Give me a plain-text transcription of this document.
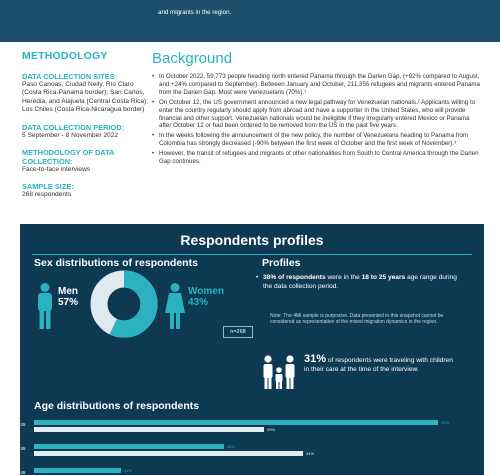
and migrants in the region.

METHODOLOGY
DATA COLLECTION SITES:
Paso Canoas, Ciudad Neily, Río Claro (Costa Rica-Panamá border); San Carlos, Heredia, and Alajuela (Central Costa Rica); Los Chiles (Costa Rica-Nicaragua border)
DATA COLLECTION PERIOD:
5 September - 8 November 2022
METHODOLOGY OF DATA COLLECTION:
Face-to-face interviews
SAMPLE SIZE:
268 respondents
Background
• In October 2022, 59,773 people heading north entered Panama through the Darien Gap, (+92% compared to August, and +24% compared to September). Between January and October, 211,355 refugees and migrants entered Panama from the Darien Gap. Most were Venezuelans (70%).¹
• On October 12, the US government announced a new legal pathway for Venezuelan nationals.² Applicants willing to enter the country regularly should apply from abroad and have a supporter in the United States, who will provide financial and other support. Venezuelan nationals would be ineligible if they irregularly entered Mexico or Panama after October 12 or had been ordered to be removed from the US in the past five years.
• In the weeks following the announcement of the new policy, the number of Venezuelans heading to Panama from Colombia has strongly decreased (-90% between the first week of October and the first week of November).³
• However, the transit of refugees and migrants of other nationalities from South to Central America through the Darien Gap continues.
Respondents profiles
Sex distributions of respondents	Profiles
Men
57%
Women
43%
n=268
• 38% of respondents were in the 18 to 25 years age range during the data collection period.
Note: The 4Mi sample is purposive. Data presented in this snapshot cannot be considered as representative of the mixed migration dynamics in the region.
31% of respondents were traveling with children in their care at the time of the interview.
Age distributions of respondents
18-25	51%
29%
26-35	34%
34%
36-45	11%
